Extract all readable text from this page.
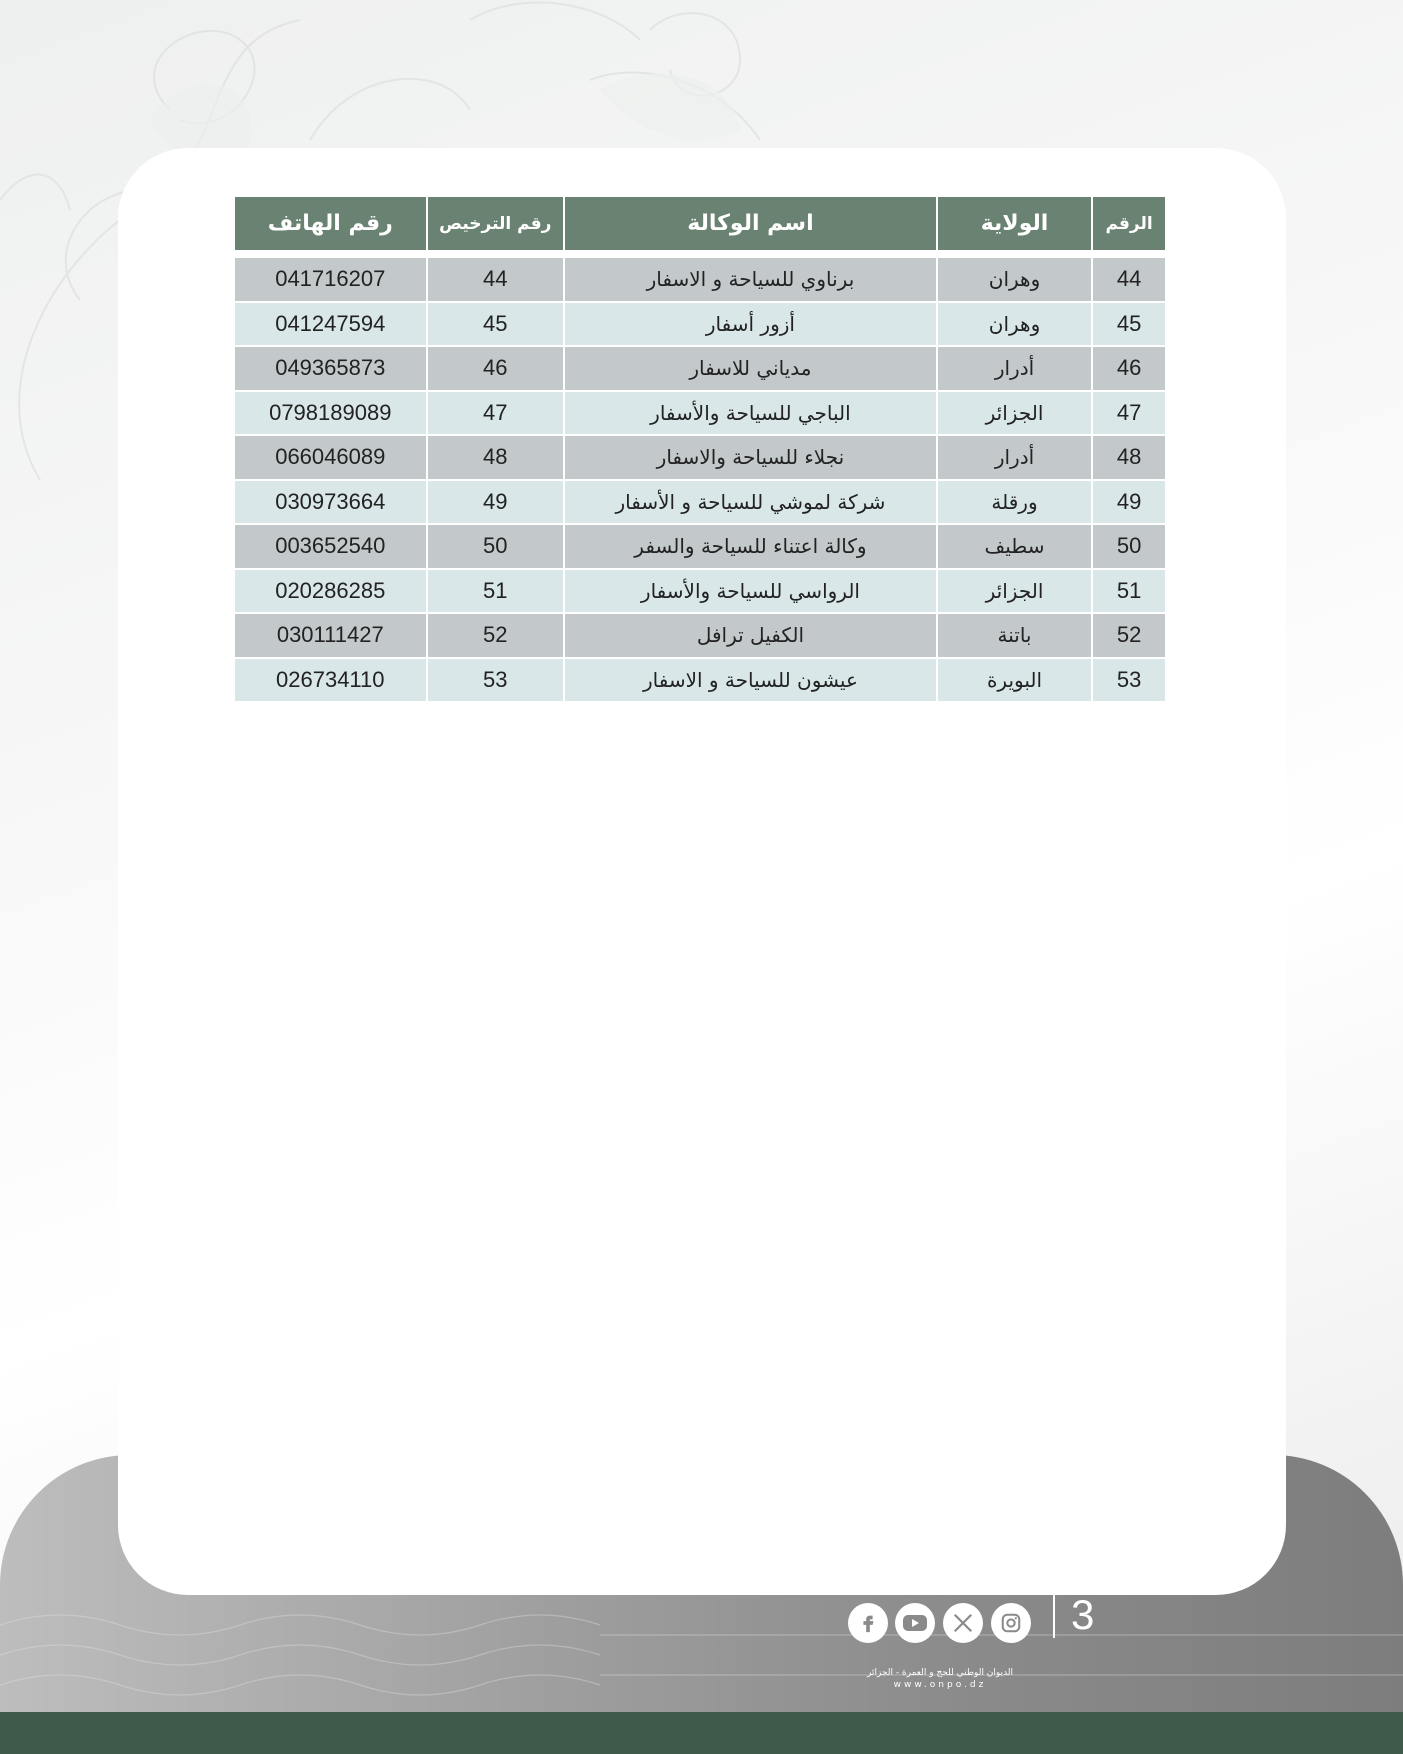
الرقم	الولاية	اسم الوكالة	رقم الترخيص	رقم الهاتف
44	وهران	برناوي للسياحة و الاسفار	44	041716207
45	وهران	أزور أسفار	45	041247594
46	أدرار	مدياني للاسفار	46	049365873
47	الجزائر	الباجي للسياحة والأسفار	47	0798189089
48	أدرار	نجلاء للسياحة والاسفار	48	066046089
49	ورقلة	شركة لموشي للسياحة و الأسفار	49	030973664
50	سطيف	وكالة اعتناء للسياحة والسفر	50	003652540
51	الجزائر	الرواسي للسياحة والأسفار	51	020286285
52	باتنة	الكفيل ترافل	52	030111427
53	البويرة	عيشون للسياحة و الاسفار	53	026734110
3
الديوان الوطني للحج و العمرة - الجزائر
www.onpo.dz
